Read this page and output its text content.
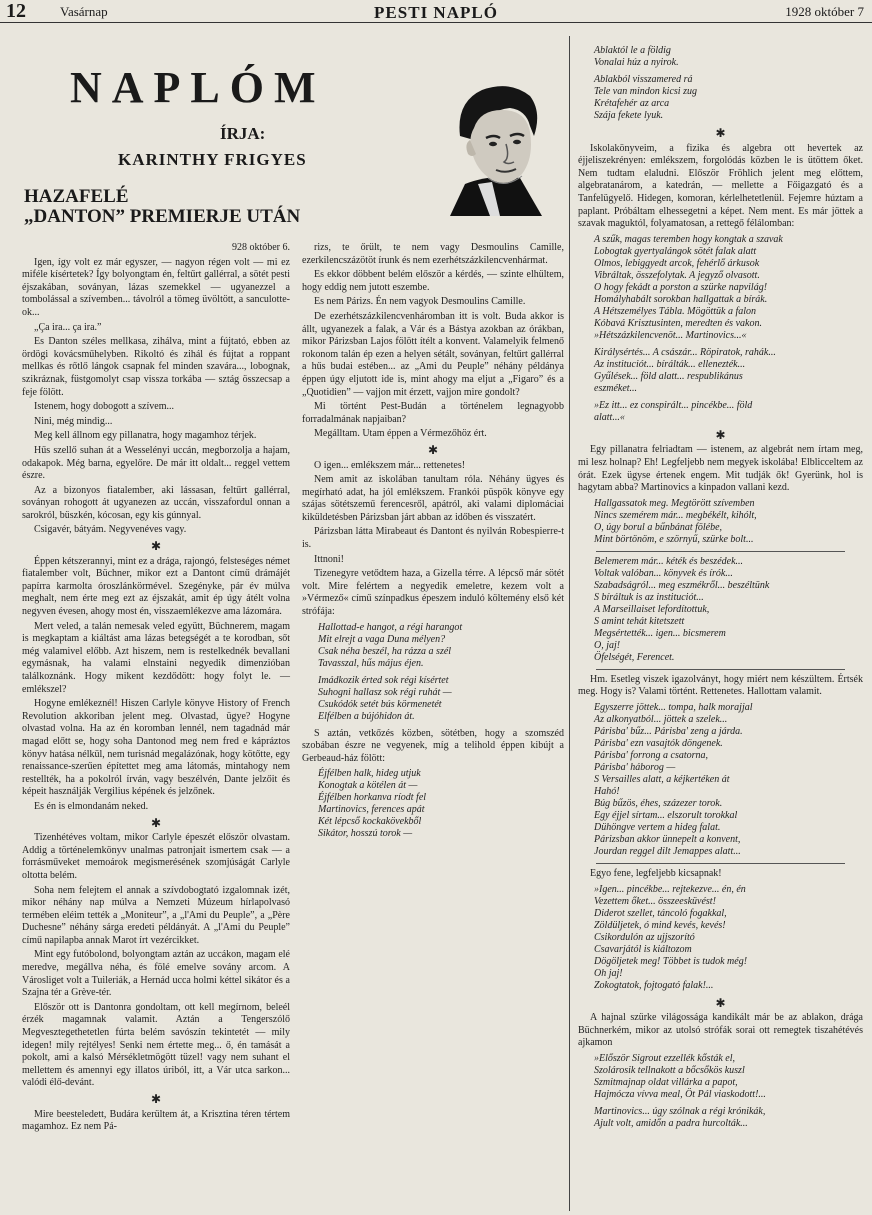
12	Vasárnap	PESTI NAPLÓ	1928 október 7
NAPLÓM
ÍRJA:
KARINTHY FRIGYES
HAZAFELÉ
„DANTON” PREMIERJE UTÁN

928 október 6.

Igen, így volt ez már egyszer, — nagyon régen volt — mi ez miféle kísértetek? Így bolyongtam én, feltűrt gallérral, a sötét pesti éjszakában, soványan, lázas szemekkel — ugyanezzel a tombolással a szívemben... távolról a tömeg üvöltött, a sanculotte-ok...

„Ça ira... ça ira.”

Es Danton széles mellkasa, zihálva, mint a fújtató, ebben az ördögi kovácsműhelyben. Rikoltó és zihál és fújtat a roppant mellkas és rőtlő lángok csapnak fel minden szavára..., lobognak, szikráznak, füstgomolyt csap vissza torkába — sztág összecsap a feje fölött.

Istenem, hogy dobogott a szívem...

Nini, még mindig...

Meg kell állnom egy pillanatra, hogy magamhoz térjek.

Hűs szellő suhan át a Wesselényi uccán, megborzolja a hajam, odakapok. Még barna, egyelőre. De már itt oldalt... reggel vettem észre.

Az a bizonyos fiatalember, aki lássasan, feltűrt gallérral, soványan rohogott át ugyanezen az uccán, visszafordul onnan a sarokról, büszkén, kócosan, egy kis gúnnyal.

Csigavér, bátyám. Negyvenéves vagy.

✱

Éppen kétszerannyi, mint ez a drága, rajongó, felsteséges német fiatalember volt, Büchner, mikor ezt a Dantont című drámájét papírra karmolta óroszlánkörmével. Szegényke, pár év múlva meghalt, nem érte meg ezt az éjszakát, amit ép úgy átélt volna negyven évesen, ahogy most én, visszaemlékezve ama lázomára.

Mert veled, a talán nemesak veled együtt, Büchnerem, magam is megkaptam a kiáltást ama lázas betegségét a te korodban, sőt még valamivel előbb. Azt hiszem, nem is restelkednék bevallani egymásnak, ha valami elnstaini negyedik dimenzióban találkoznánk. Hogy mikent kezdődött: hogy folyt le. — emlékszel?

Hogyne emlékeznél! Hiszen Carlyle könyve History of French Revolution akkoriban jelent meg. Olvastad, ügye? Hogyne olvastad volna. Ha az én koromban lennél, nem tagadnád már magad előtt se, hogy soha Dantonod meg nem fred e kápráztos könyv hatása nélkül, nem turisnád megalázónak, hogy kötőtte, egy renaissance-szerűen építettet meg ama látomás, mintahogy nem restellték, ha a pokolról írván, vagy beszélvén, Dante jelzőit és képeit használják Vergilius képének és jelzőnek.

Es én is elmondanám neked.

✱

Tizenhétéves voltam, mikor Carlyle épeszét először olvastam. Addig a történelemkönyv unalmas patronjait ismertem csak — a forrásműveket memoárok megismerésének szomjúságát Carlyle oltotta belém.

Soha nem felejtem el annak a szívdobogtató izgalomnak izét, mikor néhány nap múlva a Nemzeti Múzeum hírlapolvasó termében eléim tették a „Moniteur”, a „l'Ami du Peuple”, a „Père Duchesne” néhány sárga eredeti példányát. A „l'Ami du Peuple” című napilapba annak Marot írt vezércikket.

Mint egy futóbolond, bolyongtam aztán az uccákon, magam elé meredve, megállva néha, és fölé emelve sovány arcom. A Városliget volt a Tuileriák, a Hernád ucca holmi kéttel sikátor és a Szajna tér a Grève-tér.

Először ott is Dantonra gondoltam, ott kell megírnom, beleél érzék magamnak valamit. Aztán a Tengerszólő Megvesztegethetetlen fúrta belém savószín tekintetét — mily idegen! mily rejtélyes! Senki nem értette meg... ő, én tamását a pokolt, ami a kalsó Mérsékletmögött tüzel! vagy nem suhant el mellettem és amennyi egy illatos úriból, itt, a Vár utca sarkon... valódi élő-devánt.

✱

Mire beesteledett, Budára kerültem át, a Krisztina téren tértem magamhoz. Ez nem Pá-

rizs, te őrült, te nem vagy Desmoulins Camille, ezerkilencszázötöt írunk és nem ezerhétszázkilencvenhármat.

Es ekkor döbbent belém először a kérdés, — szinte elhültem, hogy eddig nem jutott eszembe.

Es nem Párizs. Én nem vagyok Desmoulins Camille.

De ezerhétszázkilencvenháromban itt is volt. Buda akkor is állt, ugyanezek a falak, a Vár és a Bástya azokban az órákban, mikor Párizsban Lajos fölött ítélt a konvent. Valamelyik felmenő rokonom talán ép ezen a helyen sétált, soványan, feltűrt gallérral a hűs budai estében... az „Ami du Peuple” néhány példánya éppen úgy eljutott ide is, mint ahogy ma eljut a „Figaro” és a „Quotidien” — vajjon mit érzett, vajjon mire gondolt?

Mi történt Pest-Budán a történelem legnagyobb forradalmának napjaiban?

Megálltam. Utam éppen a Vérmezőhöz ért.

✱

O igen... emlékszem már... rettenetes!

Nem amit az iskolában tanultam róla. Néhány ügyes és megírható adat, ha jól emlékszem. Frankói püspök könyve egy szájas sötétszemű ferencesről, apátról, aki valami diplomáciai kiküldetésben Párizsban járt abban az időben és visszatért.

Párizsban látta Mirabeaut és Dantont és nyilván Robespierre-t is.

Ittnoni!

Tizenegyre vetődtem haza, a Gizella térre. A lépcső már sötét volt. Mire felértem a negyedik emeletre, kezem volt a »Vérmező« című színpadkus épeszem induló költemény első két strófája:

Hallottad-e hangot, a régi harangot
Mit elrejt a vaga Duna mélyen?
Csak néha beszél, ha rázza a szél
Tavasszal, hűs május éjen.

Imádkozik érted sok régi kísértet
Suhogni hallasz sok régi ruhát —
Csukódók setét bús körmenetét
Elfélben a bújóhidon át.

S aztán, vetkőzés közben, sötétben, hogy a szomszéd szobában észre ne vegyenek, míg a telihold éppen kibújt a Gerbeaud-ház fölött:

Éjfélben halk, hideg utjuk
Konogtak a kötélen át —
Éjfélben horkanva ríodt fel
Martinovics, ferences apát
Két lépcső kockakövekből
Sikátor, hosszú torok —

Ablaktól le a földig
Vonalai húz a nyirok.

Ablakból visszamered rá
Tele van mindon kicsi zug
Krétafehér az arca
Szája fekete lyuk.

✱

Iskolakönyveim, a fizika és algebra ott hevertek az éjjeliszekrényen: emlékszem, forgolódás közben le is ütöttem őket. Nem tudtam elaludni. Először Fröhlich jelent meg előttem, algebratanárom, a katedrán, — mellette a Főigazgató és a Tanfelügyelő. Hidegen, komoran, kérlelhetetlenül. Fejemre húztam a paplant. Próbáltam elhessegetni a képet. Nem ment. Es már jöttek a szavak maguktól, folyamatosan, a rettegő félálomban:

A szűk, magas teremben hogy kongtak a szavak
Lobogtak gyertyalángok sötét falak alatt
Olmos, lebiggyedt arcok, fehérlő árkusok
Vibráltak, összefolytak. A jegyző olvasott.
O hogy fekádt a porston a szürke napvilág!
Homályhabált sorokban hallgattak a bírák.
A Hétszemélyes Tábla. Mögöttük a falon
Kóbavá Krisztusinten, meredten és vakon.
»Hétszázkilencvenöt... Martinovics...«

Királysértés... A császár... Röpiratok, rahák...
Az instituciót... bírálták... ellenezték...
Gyűlések... föld alatt... respublikánus
eszméket...

»Ez itt... ez conspirált... pincékbe... föld
alatt...«

✱

Egy pillanatra felriadtam — istenem, az algebrát nem írtam meg, mi lesz holnap? Eh! Legfeljebb nem megyek iskolába! Elblicceltem az órát. Ezek ügyse értenek engem. Mit tudják ők! Gyerünk, hol is hagytam abba? Martinovics a kinpadon vallani kezd.

Hallgassatok meg. Megtörött szívemben
Nincs szemérem már... megbékélt, kihólt,
O, úgy borul a bűnbánat fölébe,
Mint börtönöm, e szörnyű, szürke bolt...

Belemerem már... kéték és beszédek...
Voltak valóban... könyvek és írók...
Szabadságról... meg eszmékről... beszéltünk
S bíráltuk is az instituciót...
A Marseillaiset lefordítottuk,
S amint tehát kitetszett
Megsértették... igen... bicsmerem
O, jaj!
Öfelségét, Ferencet.

Hm. Esetleg viszek igazolványt, hogy miért nem készültem. Értsék meg. Hogy is? Valami történt. Rettenetes. Hallottam valamit.

Egyszerre jöttek... tompa, halk morajjal
Az alkonyatból... jöttek a szelek...
Párisba' bűz... Párisba' zeng a járda.
Párisba' ezn vasajtók döngenek.
Párisba' forrong a csatorna,
Párisba' háborog —
S Versailles alatt, a kéjkertéken át
Hahó!
Búg bűzös, éhes, százezer torok.
Egy éjjel sírtam... elszorult torokkal
Dühöngve vertem a hideg falat.
Párizsban akkor ünnepelt a konvent,
Jourdan reggel dilt Jemappes alatt...

Egyo fene, legfeljebb kicsapnak!

»Igen... pincékbe... rejtekezve... én, én
Vezettem őket... összeesküvést!
Diderot szellet, táncoló fogakkal,
Zöldüljetek, ó mind kevés, kevés!
Csikordulón az ujjszorító
Csavarjától is kiáltozom
Dögöljetek meg! Többet is tudok még!
Oh jaj!
Zokogtatok, fojtogató falak!...

✱

A hajnal szürke világossága kandikált már be az ablakon, drága Büchnerkém, mikor az utolsó strófák sorai ott remegtek tiszahétévés ajkamon

»Először Sigrout ezzellék kősták el,
Szolárosik tellnakott a bőcsőkös kuszl
Szmitmajnap oldat villárka a papot,
Hajmócza vívva meal, Öt Pál viaskodott!...

Martinovics... úgy szólnak a régi krónikák,
Ajult volt, amidőn a padra hurcolták...
